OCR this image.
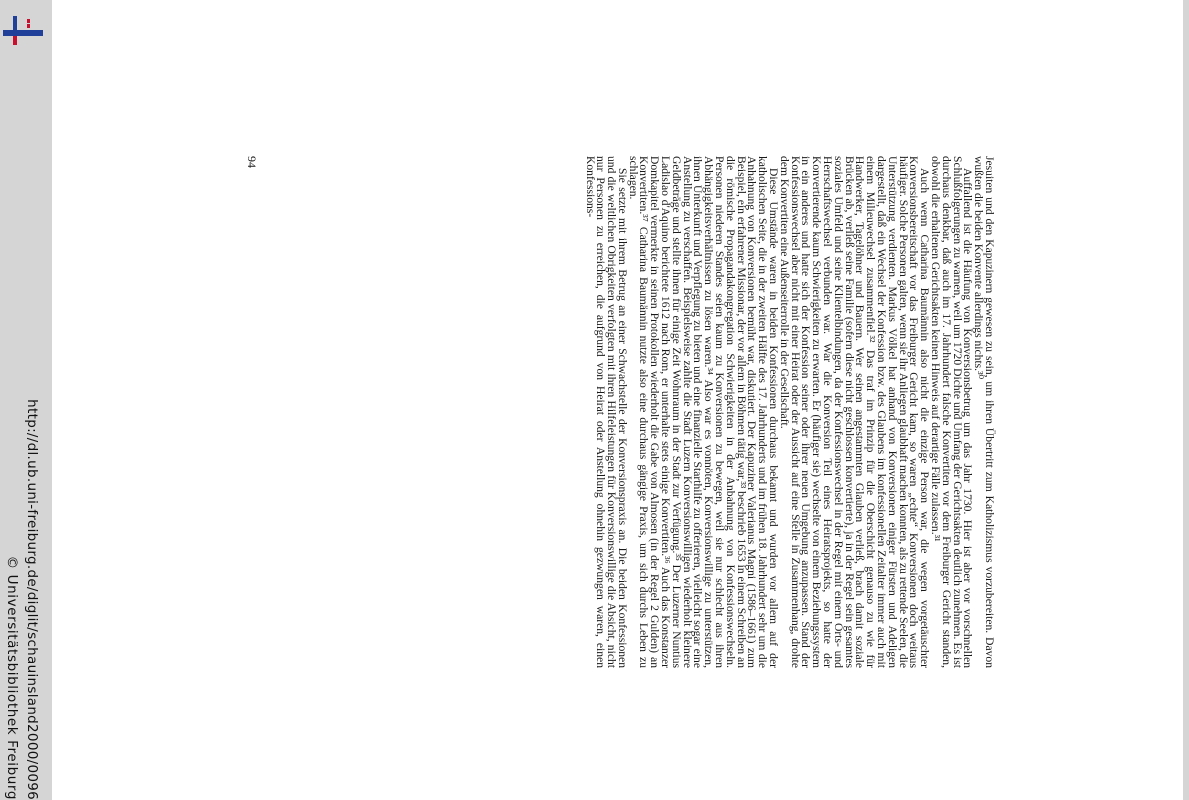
http://dl.ub.uni-freiburg.de/diglit/schauinsland2000/0096
© Universitätsbibliothek Freiburg

Jesuiten und den Kapuzinern gewesen zu sein, um ihren Übertritt zum Katholizismus vorzubereiten. Davon wußten die beiden Konvente allerdings nichts.³⁰

Auffallend ist die Häufung von Konversionsbetrug um das Jahr 1730. Hier ist aber vor vorschnellen Schlußfolgerungen zu warnen, weil um 1720 Dichte und Umfang der Gerichtsakten deutlich zunehmen. Es ist durchaus denkbar, daß auch im 17. Jahrhundert falsche Konvertiten vor dem Freiburger Gericht standen, obwohl die erhaltenen Gerichtsakten keinen Hinweis auf derartige Fälle zulassen.³¹

Auch wenn Catharina Baumännin also nicht die einzige Person war, die wegen vorgetäuschter Konversionsbereitschaft vor das Freiburger Gericht kam, so waren „echte“ Konversionen doch weitaus häufiger. Solche Personen galten, wenn sie ihr Anliegen glaubhaft machen konnten, als zu rettende Seelen, die Unterstützung verdienten. Markus Völkel hat anhand von Konversionen einiger Fürsten und Adeligen dargestellt, daß ein Wechsel der Konfession bzw. des Glaubens im konfessionellen Zeitalter immer auch mit einem Milieuwechsel zusammenfiel.³² Das traf im Prinzip für die Oberschicht genauso zu wie für Handwerker, Tagelöhner und Bauern. Wer seinen angestammten Glauben verließ, brach damit soziale Brücken ab, verließ seine Familie (sofern diese nicht geschlossen konvertierte), ja in der Regel sein gesamtes soziales Umfeld und seine Klientelbindungen, da der Konfessionswechsel in der Regel mit einem Orts- und Herrschaftswechsel verbunden war. War die Konversion Teil eines Heiratsprojekts, so hatte der Konvertierende kaum Schwierigkeiten zu erwarten. Er (häufiger sie) wechselte von einem Beziehungssystem in ein anderes und hatte sich der Konfession seiner oder ihrer neuen Umgebung anzupassen. Stand der Konfessionswechsel aber nicht mit einer Heirat oder der Aussicht auf eine Stelle in Zusammenhang, drohte dem Konvertiten eine Außenseiterrolle in der Gesellschaft.

Diese Umstände waren in beiden Konfessionen durchaus bekannt und wurden vor allem auf der katholischen Seite, die in der zweiten Hälfte des 17. Jahrhunderts und im frühen 18. Jahrhundert sehr um die Anhahnung von Konversionen bemüht war, diskutiert. Der Kapuziner Valerianus Magni (1586–1661) zum Beispiel, ein erfahrener Missionar, der vor allem in Böhmen tätig war,³³ beschrieb 1653 in einem Schreiben an die römische Propagandakongregation Schwierigkeiten in der Anbahnung von Konfessionswechseln. Personen niederen Standes seien kaum zu Konversionen zu bewegen, weil sie nur schlecht aus ihren Abhängigkeitsverhältnissen zu lösen waren.³⁴ Also war es vonnöten, Konversionswillige zu unterstützen, ihnen Unterkunft und Verpflegung zu bieten und eine finanzielle Starthilfe zu offerieren, vielleicht sogar eine Anstellung zu verschaffen. Beispielsweise zahlte die Stadt Luzern Konversionswilligen wiederholt kleinere Geldbeträge und stellte ihnen für einige Zeit Wohnraum in der Stadt zur Verfügung.³⁵ Der Luzerner Nuntius Ladislao d'Aquino berichtete 1612 nach Rom, er unterhalte stets einige Konvertiten.³⁶ Auch das Konstanzer Domkapitel vermerkte in seinen Protokollen wiederholt die Gabe von Almosen (in der Regel 2 Gulden) an Konvertiten.³⁷ Catharina Baumännin nutzte also eine durchaus gängige Praxis, um sich durchs Leben zu schlagen.

Sie setzte mit ihrem Betrug an einer Schwachstelle der Konversionspraxis an. Die beiden Konfessionen und die weltlichen Obrigkeiten verfolgten mit ihren Hilfeleistungen für Konversionswillige die Absicht, nicht nur Personen zu erreichen, die aufgrund von Heirat oder Anstellung ohnehin gezwungen waren, einen Konfessions-

94
